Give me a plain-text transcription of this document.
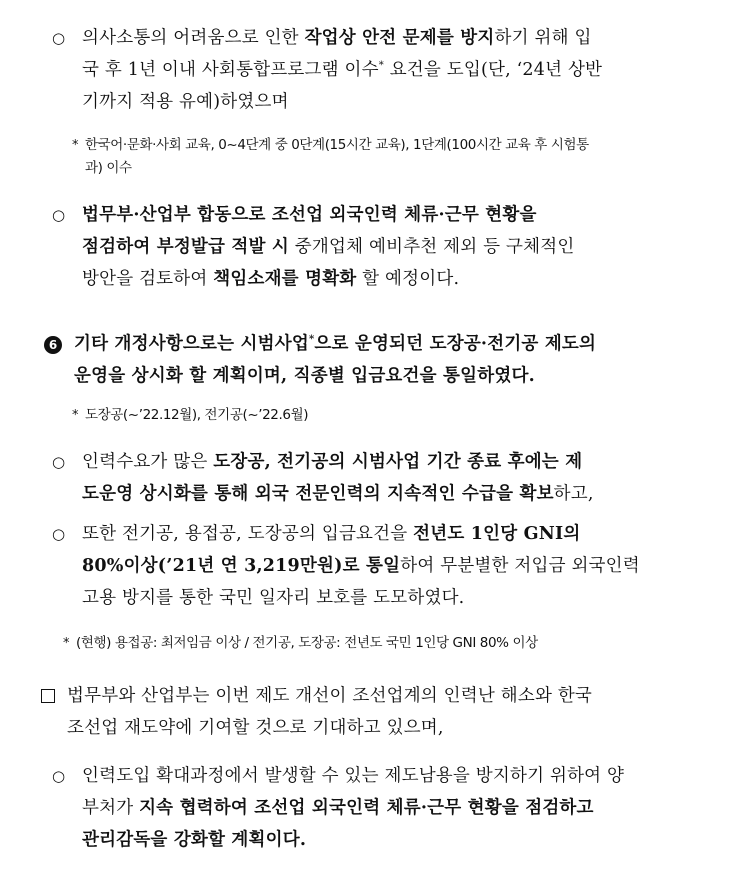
○ 의사소통의 어려움으로 인한 작업상 안전 문제를 방지하기 위해 입
국 후 1년 이내 사회통합프로그램 이수* 요건을 도입(단, ‘24년 상반
기까지 적용 유예)하였으며
* 한국어·문화·사회 교육, 0~4단계 중 0단계(15시간 교육), 1단계(100시간 교육 후 시험통
과) 이수
○ 법무부·산업부 합동으로 조선업 외국인력 체류·근무 현황을
점검하여 부정발급 적발 시 중개업체 예비추천 제외 등 구체적인
방안을 검토하여 책임소재를 명확화 할 예정이다.
6 기타 개정사항으로는 시범사업*으로 운영되던 도장공·전기공 제도의
운영을 상시화 할 계획이며, 직종별 입금요건을 통일하였다.
* 도장공(~’22.12월), 전기공(~’22.6월)
○ 인력수요가 많은 도장공, 전기공의 시범사업 기간 종료 후에는 제
도운영 상시화를 통해 외국 전문인력의 지속적인 수급을 확보하고,
○ 또한 전기공, 용접공, 도장공의 입금요건을 전년도 1인당 GNI의
80%이상(’21년 연 3,219만원)로 통일하여 무분별한 저입금 외국인력
고용 방지를 통한 국민 일자리 보호를 도모하였다.
* (현행) 용접공: 최저임금 이상 / 전기공, 도장공: 전년도 국민 1인당 GNI 80% 이상
법무부와 산업부는 이번 제도 개선이 조선업계의 인력난 해소와 한국
조선업 재도약에 기여할 것으로 기대하고 있으며,
○ 인력도입 확대과정에서 발생할 수 있는 제도남용을 방지하기 위하여 양
부처가 지속 협력하여 조선업 외국인력 체류·근무 현황을 점검하고
관리감독을 강화할 계획이다.
